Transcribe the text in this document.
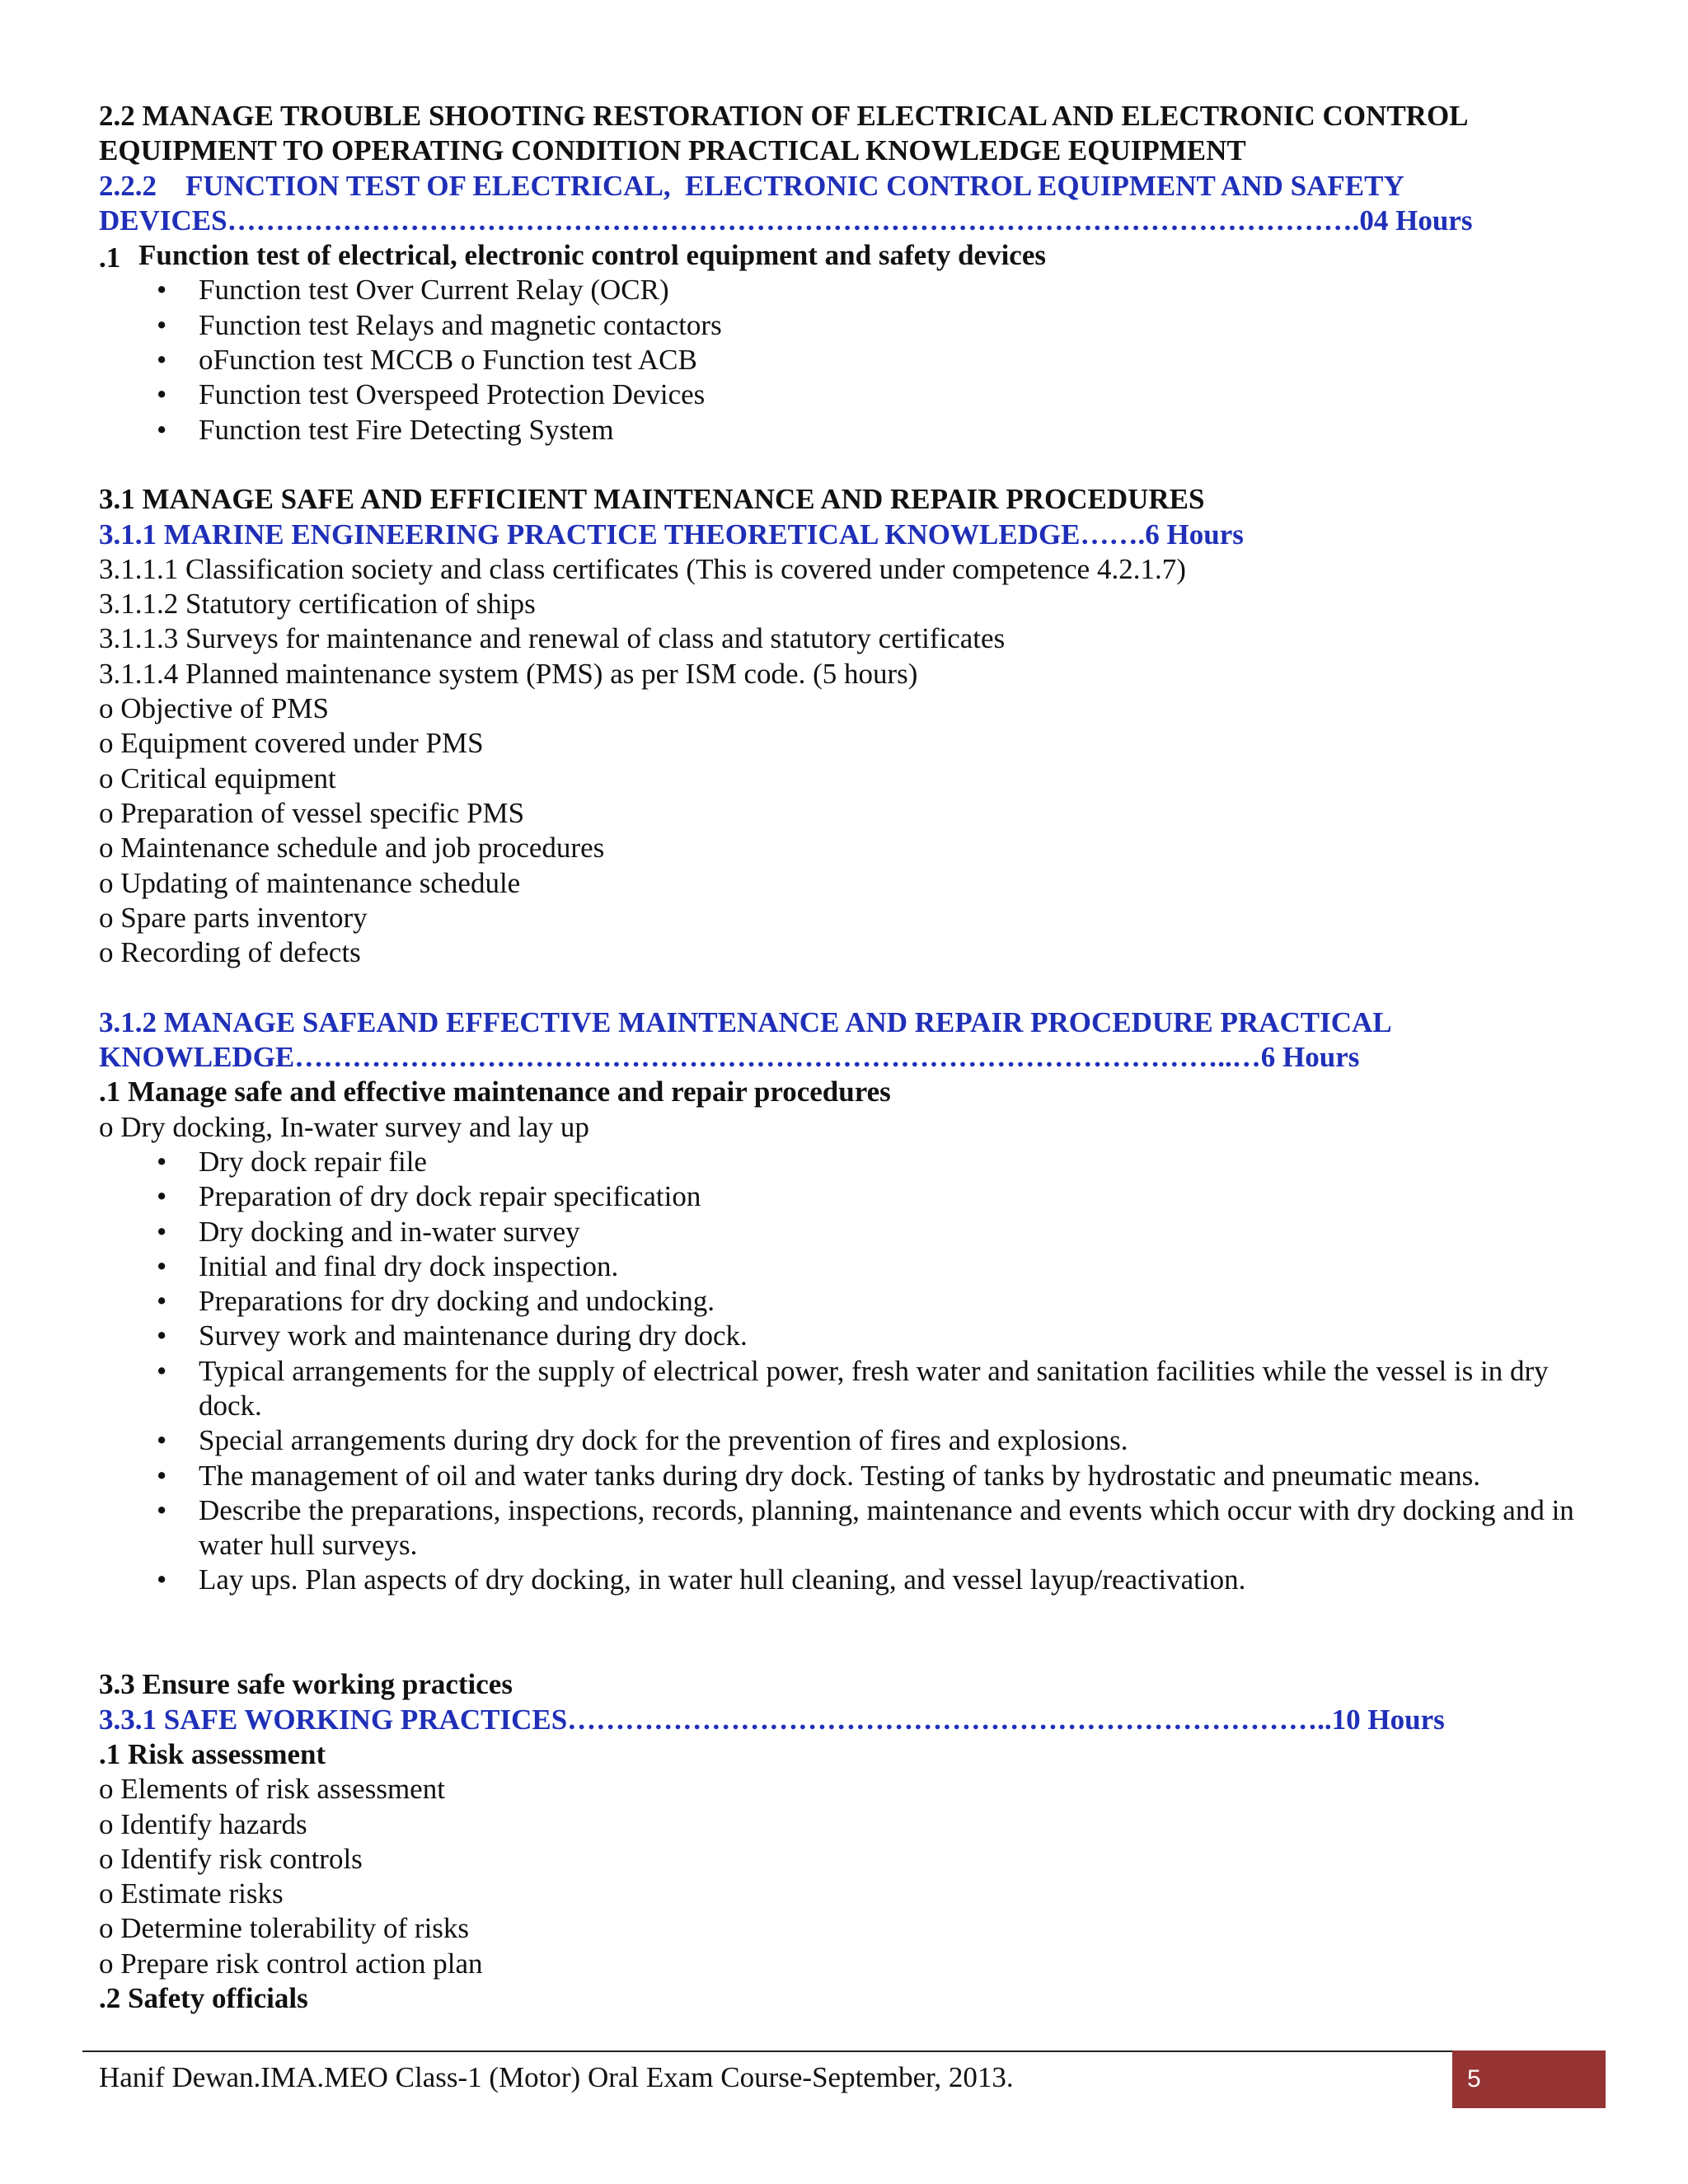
2.2 MANAGE TROUBLE SHOOTING RESTORATION OF ELECTRICAL AND ELECTRONIC CONTROL
EQUIPMENT TO OPERATING CONDITION PRACTICAL KNOWLEDGE EQUIPMENT
2.2.2    FUNCTION TEST OF ELECTRICAL,  ELECTRONIC CONTROL EQUIPMENT AND SAFETY
DEVICES……………………………………………………………………………………………………….04 Hours
.1 Function test of electrical, electronic control equipment and safety devices
• Function test Over Current Relay (OCR)
• Function test Relays and magnetic contactors
• oFunction test MCCB o Function test ACB
• Function test Overspeed Protection Devices
• Function test Fire Detecting System
3.1 MANAGE SAFE AND EFFICIENT MAINTENANCE AND REPAIR PROCEDURES
3.1.1 MARINE ENGINEERING PRACTICE THEORETICAL KNOWLEDGE…….6 Hours
3.1.1.1 Classification society and class certificates (This is covered under competence 4.2.1.7)
3.1.1.2 Statutory certification of ships
3.1.1.3 Surveys for maintenance and renewal of class and statutory certificates
3.1.1.4 Planned maintenance system (PMS) as per ISM code. (5 hours)
o Objective of PMS
o Equipment covered under PMS
o Critical equipment
o Preparation of vessel specific PMS
o Maintenance schedule and job procedures
o Updating of maintenance schedule
o Spare parts inventory
o Recording of defects
3.1.2 MANAGE SAFEAND EFFECTIVE MAINTENANCE AND REPAIR PROCEDURE PRACTICAL
KNOWLEDGE……………………………………………………………………………………..…6 Hours
.1 Manage safe and effective maintenance and repair procedures
o Dry docking, In-water survey and lay up
• Dry dock repair file
• Preparation of dry dock repair specification
• Dry docking and in-water survey
• Initial and final dry dock inspection.
• Preparations for dry docking and undocking.
• Survey work and maintenance during dry dock.
• Typical arrangements for the supply of electrical power, fresh water and sanitation facilities while the vessel is in dry dock.
• Special arrangements during dry dock for the prevention of fires and explosions.
• The management of oil and water tanks during dry dock. Testing of tanks by hydrostatic and pneumatic means.
• Describe the preparations, inspections, records, planning, maintenance and events which occur with dry docking and in water hull surveys.
• Lay ups. Plan aspects of dry docking, in water hull cleaning, and vessel layup/reactivation.
3.3 Ensure safe working practices
3.3.1 SAFE WORKING PRACTICES……………………………………………………………………..10 Hours
.1 Risk assessment
o Elements of risk assessment
o Identify hazards
o Identify risk controls
o Estimate risks
o Determine tolerability of risks
o Prepare risk control action plan
.2 Safety officials
Hanif Dewan.IMA.MEO Class-1 (Motor) Oral Exam Course-September, 2013.	5
